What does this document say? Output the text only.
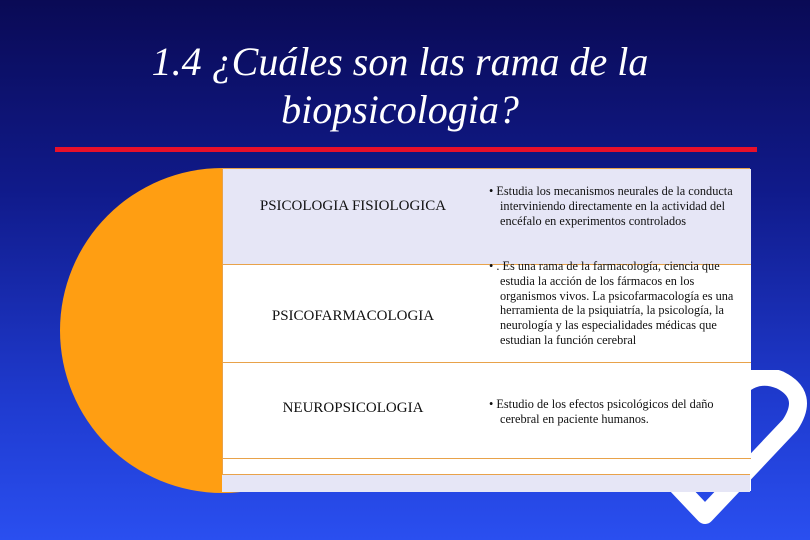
1.4 ¿Cuáles son las rama de la biopsicologia?
PSICOLOGIA FISIOLOGICA
• Estudia los mecanismos neurales de la conducta interviniendo directamente en la actividad del encéfalo en experimentos controlados
PSICOFARMACOLOGIA
• . Es una rama de la farmacología, ciencia que estudia la acción de los fármacos en los organismos vivos. La psicofarmacología es una herramienta de la psiquiatría, la psicología, la neurología y las especialidades médicas que estudian la función cerebral
NEUROPSICOLOGIA	• Estudio de los efectos psicológicos del daño cerebral en paciente humanos.
